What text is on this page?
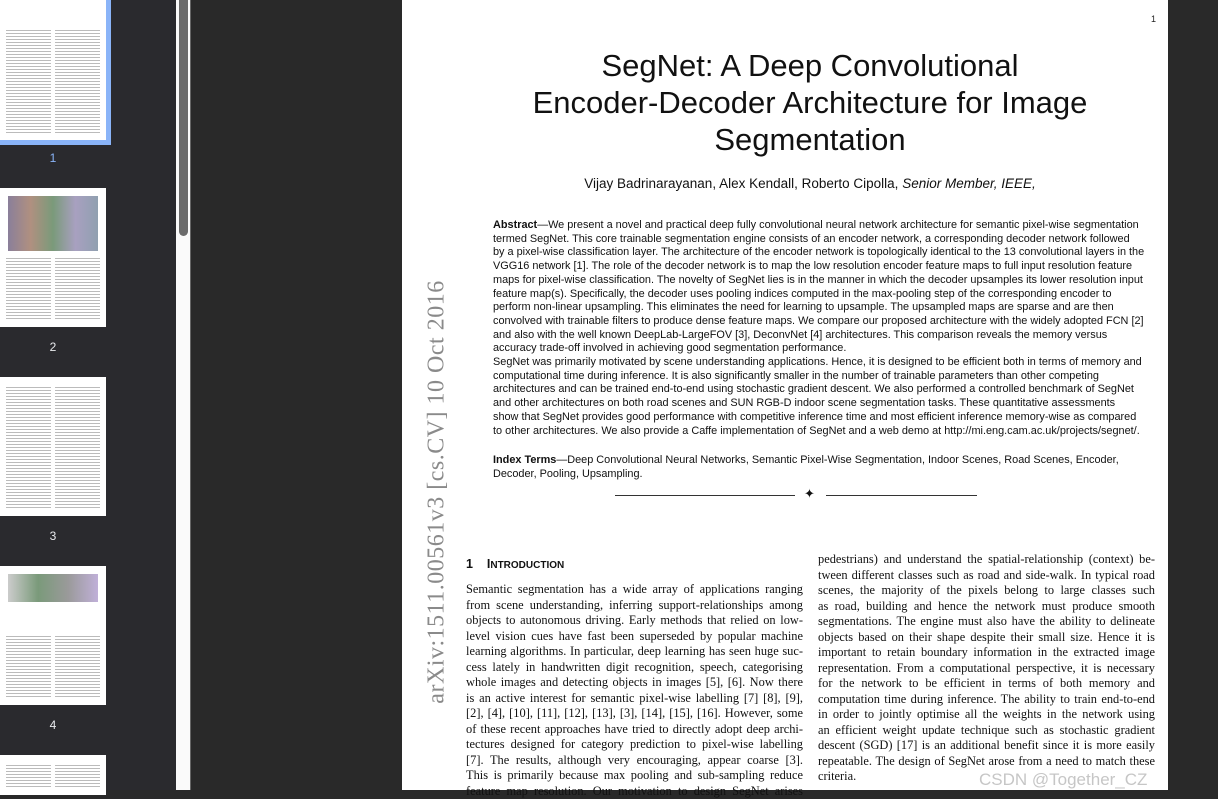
1
2
3
4
1
SegNet: A Deep Convolutional
Encoder-Decoder Architecture for Image
Segmentation
Vijay Badrinarayanan, Alex Kendall, Roberto Cipolla, Senior Member, IEEE,
Abstract—We present a novel and practical deep fully convolutional neural network architecture for semantic pixel-wise segmentation
termed SegNet. This core trainable segmentation engine consists of an encoder network, a corresponding decoder network followed
by a pixel-wise classification layer. The architecture of the encoder network is topologically identical to the 13 convolutional layers in the
VGG16 network [1]. The role of the decoder network is to map the low resolution encoder feature maps to full input resolution feature
maps for pixel-wise classification. The novelty of SegNet lies is in the manner in which the decoder upsamples its lower resolution input
feature map(s). Specifically, the decoder uses pooling indices computed in the max-pooling step of the corresponding encoder to
perform non-linear upsampling. This eliminates the need for learning to upsample. The upsampled maps are sparse and are then
convolved with trainable filters to produce dense feature maps. We compare our proposed architecture with the widely adopted FCN [2]
and also with the well known DeepLab-LargeFOV [3], DeconvNet [4] architectures. This comparison reveals the memory versus
accuracy trade-off involved in achieving good segmentation performance.
SegNet was primarily motivated by scene understanding applications. Hence, it is designed to be efficient both in terms of memory and
computational time during inference. It is also significantly smaller in the number of trainable parameters than other competing
architectures and can be trained end-to-end using stochastic gradient descent. We also performed a controlled benchmark of SegNet
and other architectures on both road scenes and SUN RGB-D indoor scene segmentation tasks. These quantitative assessments
show that SegNet provides good performance with competitive inference time and most efficient inference memory-wise as compared
to other architectures. We also provide a Caffe implementation of SegNet and a web demo at http://mi.eng.cam.ac.uk/projects/segnet/.
Index Terms—Deep Convolutional Neural Networks, Semantic Pixel-Wise Segmentation, Indoor Scenes, Road Scenes, Encoder,
Decoder, Pooling, Upsampling.
✦
arXiv:1511.00561v3 [cs.CV] 10 Oct 2016 1 INTRODUCTION
Semantic segmentation has a wide array of applications ranging
from scene understanding, inferring support-relationships among
objects to autonomous driving. Early methods that relied on low-
level vision cues have fast been superseded by popular machine
learning algorithms. In particular, deep learning has seen huge suc-
cess lately in handwritten digit recognition, speech, categorising
whole images and detecting objects in images [5], [6]. Now there
is an active interest for semantic pixel-wise labelling [7] [8], [9],
[2], [4], [10], [11], [12], [13], [3], [14], [15], [16]. However, some
of these recent approaches have tried to directly adopt deep archi-
tectures designed for category prediction to pixel-wise labelling
[7]. The results, although very encouraging, appear coarse [3].
This is primarily because max pooling and sub-sampling reduce
feature map resolution. Our motivation to design SegNet arises
pedestrians) and understand the spatial-relationship (context) be-
tween different classes such as road and side-walk. In typical road
scenes, the majority of the pixels belong to large classes such
as road, building and hence the network must produce smooth
segmentations. The engine must also have the ability to delineate
objects based on their shape despite their small size. Hence it is
important to retain boundary information in the extracted image
representation. From a computational perspective, it is necessary
for the network to be efficient in terms of both memory and
computation time during inference. The ability to train end-to-end
in order to jointly optimise all the weights in the network using
an efficient weight update technique such as stochastic gradient
descent (SGD) [17] is an additional benefit since it is more easily
repeatable. The design of SegNet arose from a need to match these
criteria.	CSDN @Together_CZ
